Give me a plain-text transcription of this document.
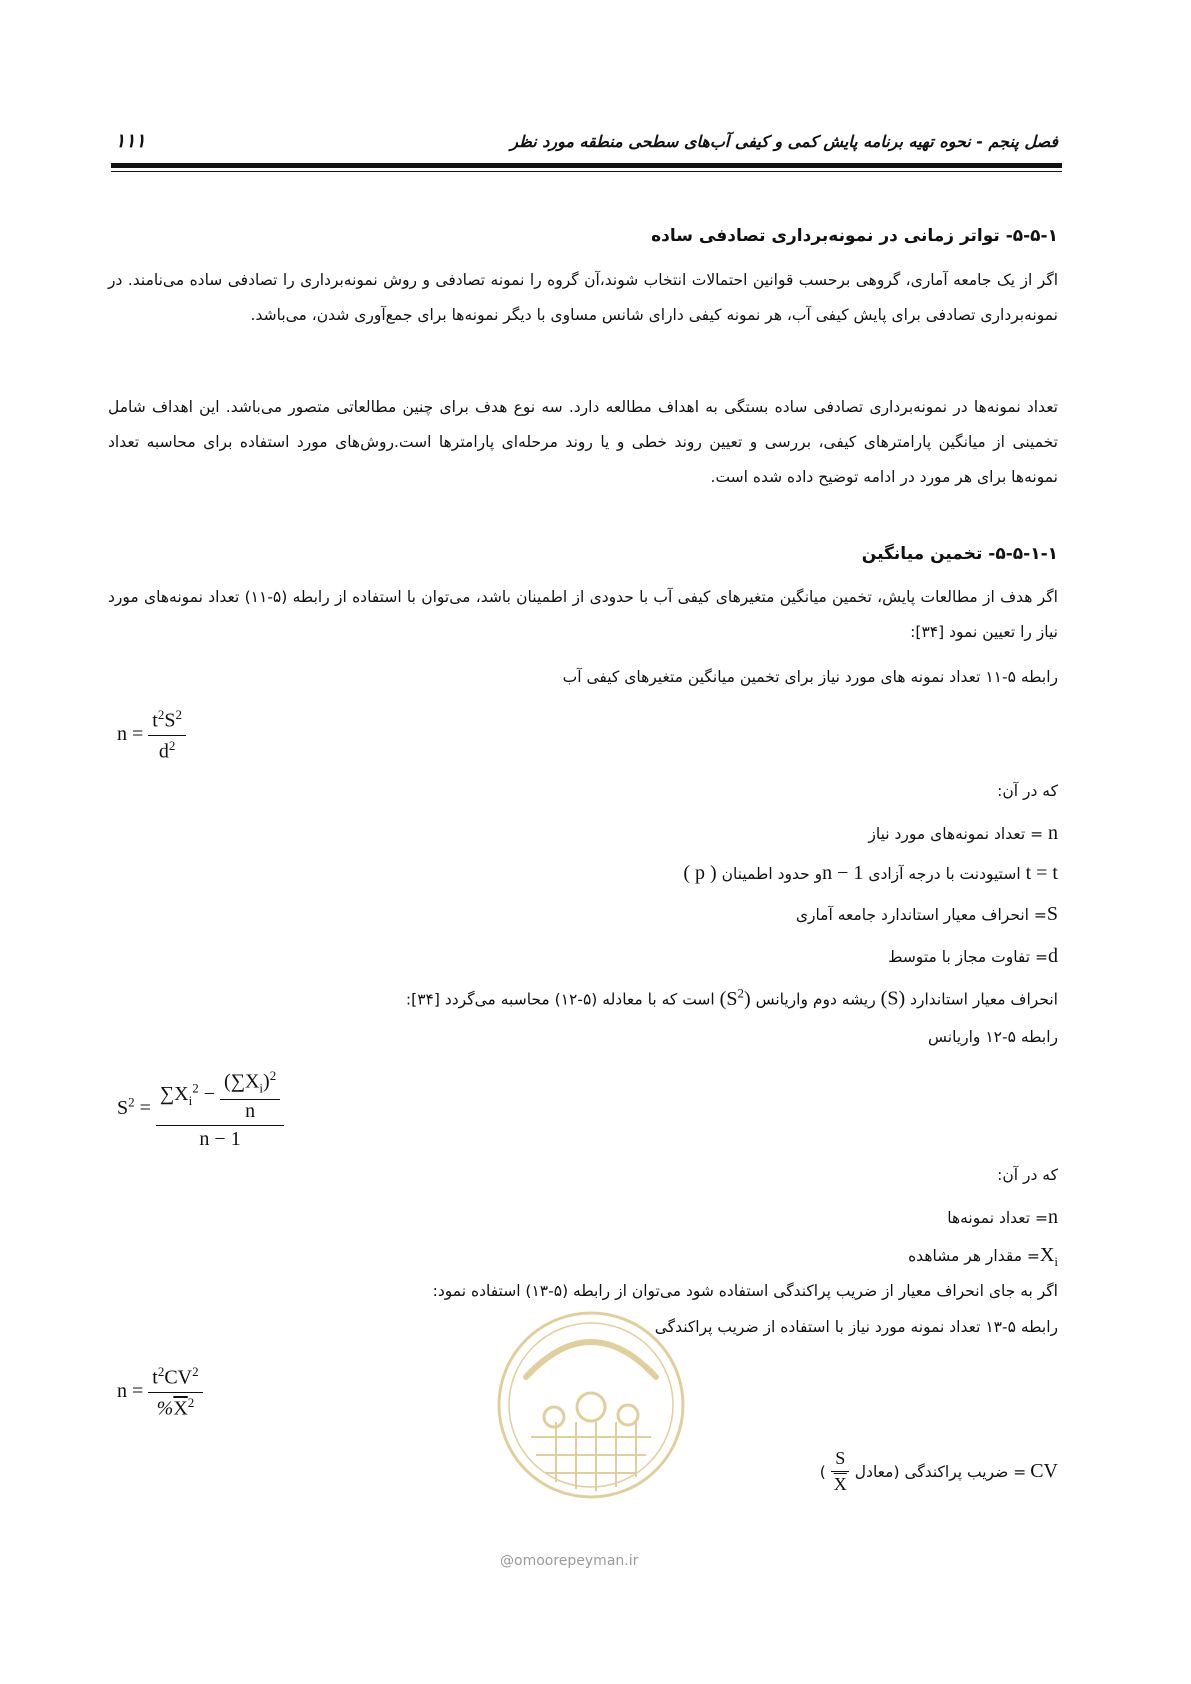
فصل پنجم - نحوه تهیه برنامه پایش کمی و کیفی آب‌های سطحی منطقه مورد نظر
۱۱۱
۵-۵-۱- تواتر زمانی در نمونه‌برداری تصادفی ساده
اگر از یک جامعه آماری، گروهی برحسب قوانین احتمالات انتخاب شوند،آن گروه را نمونه تصادفی و روش نمونه‌برداری را تصادفی ساده می‌نامند. در نمونه‌برداری تصادفی برای پایش کیفی آب، هر نمونه کیفی دارای شانس مساوی با دیگر نمونه‌ها برای جمع‌آوری شدن، می‌باشد.
تعداد نمونه‌ها در نمونه‌برداری تصادفی ساده بستگی به اهداف مطالعه دارد. سه نوع هدف برای چنین مطالعاتی متصور می‌باشد. این اهداف شامل تخمینی از میانگین پارامترهای کیفی، بررسی و تعیین روند خطی و یا روند مرحله‌ای پارامترها است.روش‌های مورد استفاده برای محاسبه تعداد نمونه‌ها برای هر مورد در ادامه توضیح داده شده است.
۵-۵-۱-۱- تخمین میانگین
اگر هدف از مطالعات پایش، تخمین میانگین متغیرهای کیفی آب با حدودی از اطمینان باشد، می‌توان با استفاده از رابطه (۵-۱۱) تعداد نمونه‌های مورد نیاز را تعیین نمود [۳۴]:
رابطه ۵-۱۱ تعداد نمونه های مورد نیاز برای تخمین میانگین متغیرهای کیفی آب
$n = \frac{t^2S^2}{d^2}$
که در آن:
n = تعداد نمونه‌های مورد نیاز
t = t استیودنت با درجه آزادی n − 1و حدود اطمینان ( p )
S= انحراف معیار استاندارد جامعه آماری
d= تفاوت مجاز با متوسط
انحراف معیار استاندارد (S) ریشه دوم واریانس $(S^2)$ است که با معادله (۵-۱۲) محاسبه می‌گردد [۳۴]:
رابطه ۵-۱۲ واریانس
$S^2 = \frac{\sum X_i^2 - \frac{(\sum X_i)^2}{n}}{n - 1}$
که در آن:
n= تعداد نمونه‌ها
$X_i=$ مقدار هر مشاهده
اگر به جای انحراف معیار از ضریب پراکندگی استفاده شود می‌توان از رابطه (۵-۱۳) استفاده نمود:
رابطه ۵-۱۳ تعداد نمونه مورد نیاز با استفاده از ضریب پراکندگی
$n = \frac{t^2CV^2}{\%\overline{X}^2}$
CV
= ضریب پراکندگی (معادل
$\frac{S}{X}$
)
@omoorepeyman.ir
